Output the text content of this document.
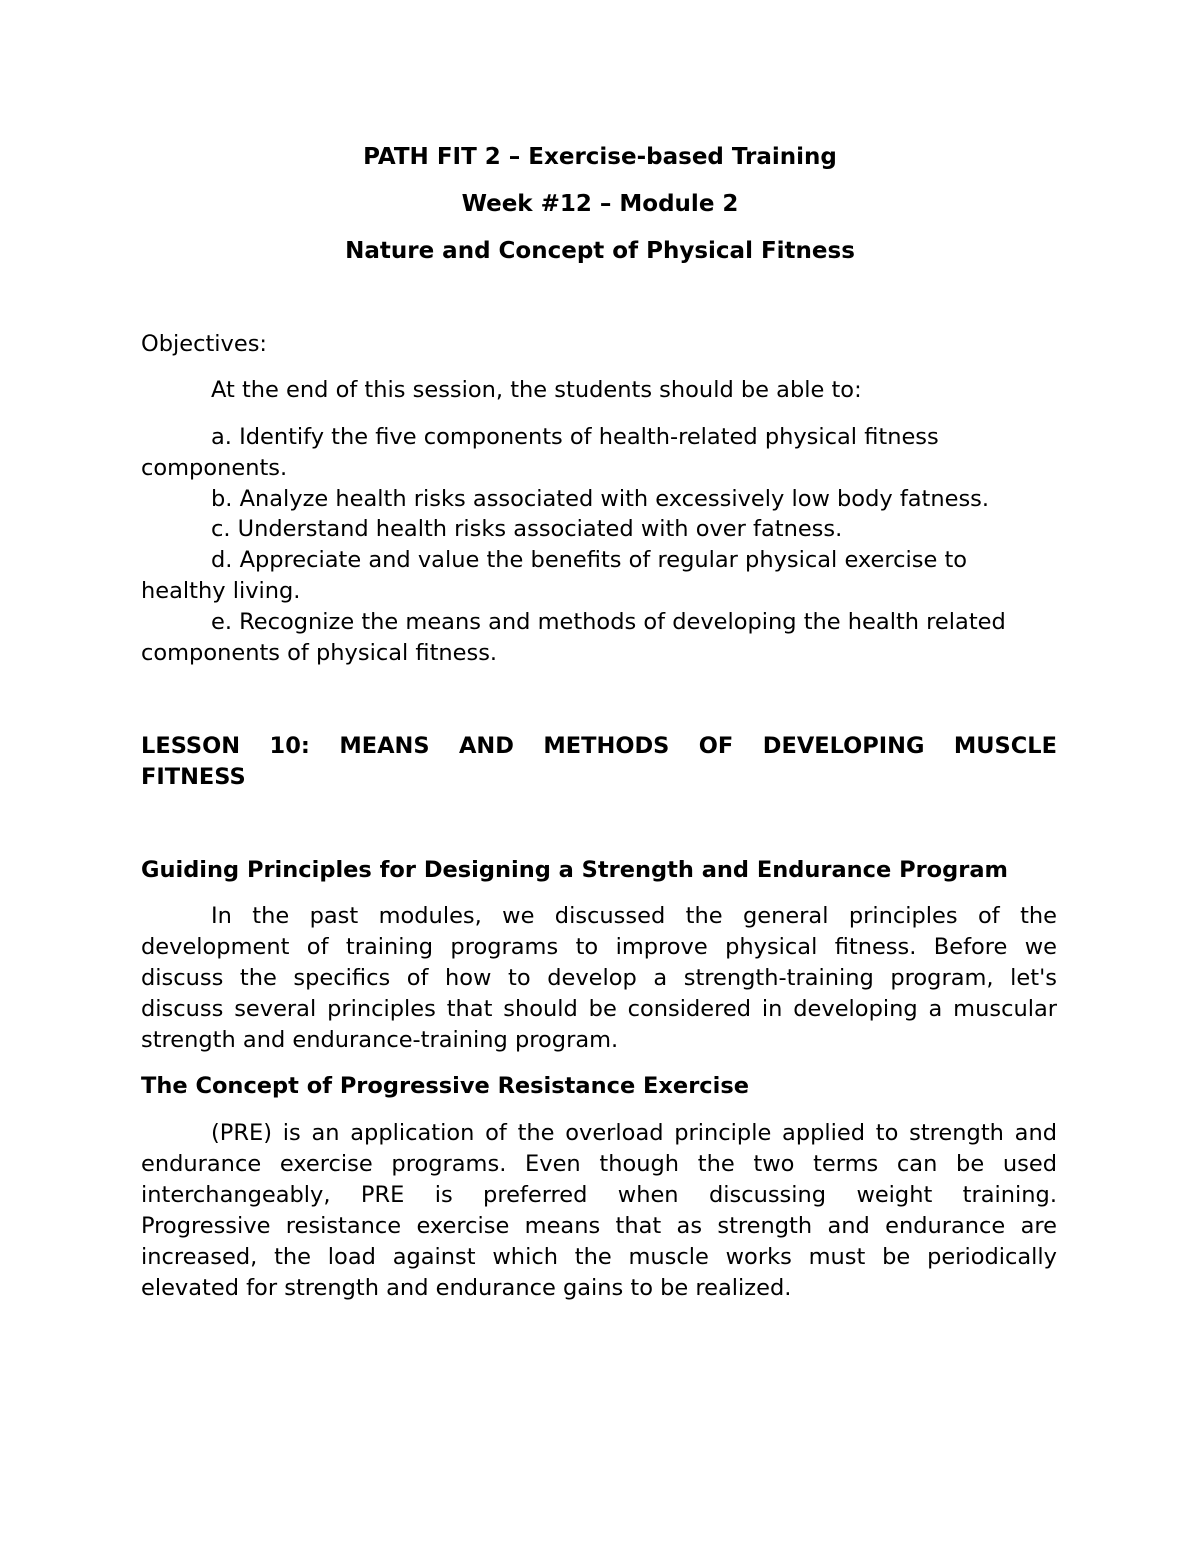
PATH FIT 2 – Exercise-based Training
Week #12 – Module 2
Nature and Concept of Physical Fitness
Objectives:
At the end of this session, the students should be able to:
a. Identify the five components of health-related physical fitness
components.
b. Analyze health risks associated with excessively low body fatness.
c. Understand health risks associated with over fatness.
d. Appreciate and value the benefits of regular physical exercise to
healthy living.
e. Recognize the means and methods of developing the health related
components of physical fitness.
LESSON 10: MEANS AND METHODS OF DEVELOPING MUSCLE
FITNESS
Guiding Principles for Designing a Strength and Endurance Program
In the past modules, we discussed the general principles of the
development of training programs to improve physical fitness. Before we
discuss the specifics of how to develop a strength-training program, let's
discuss several principles that should be considered in developing a muscular
strength and endurance-training program.
The Concept of Progressive Resistance Exercise
(PRE) is an application of the overload principle applied to strength and
endurance exercise programs. Even though the two terms can be used
interchangeably, PRE is preferred when discussing weight training.
Progressive resistance exercise means that as strength and endurance are
increased, the load against which the muscle works must be periodically
elevated for strength and endurance gains to be realized.
